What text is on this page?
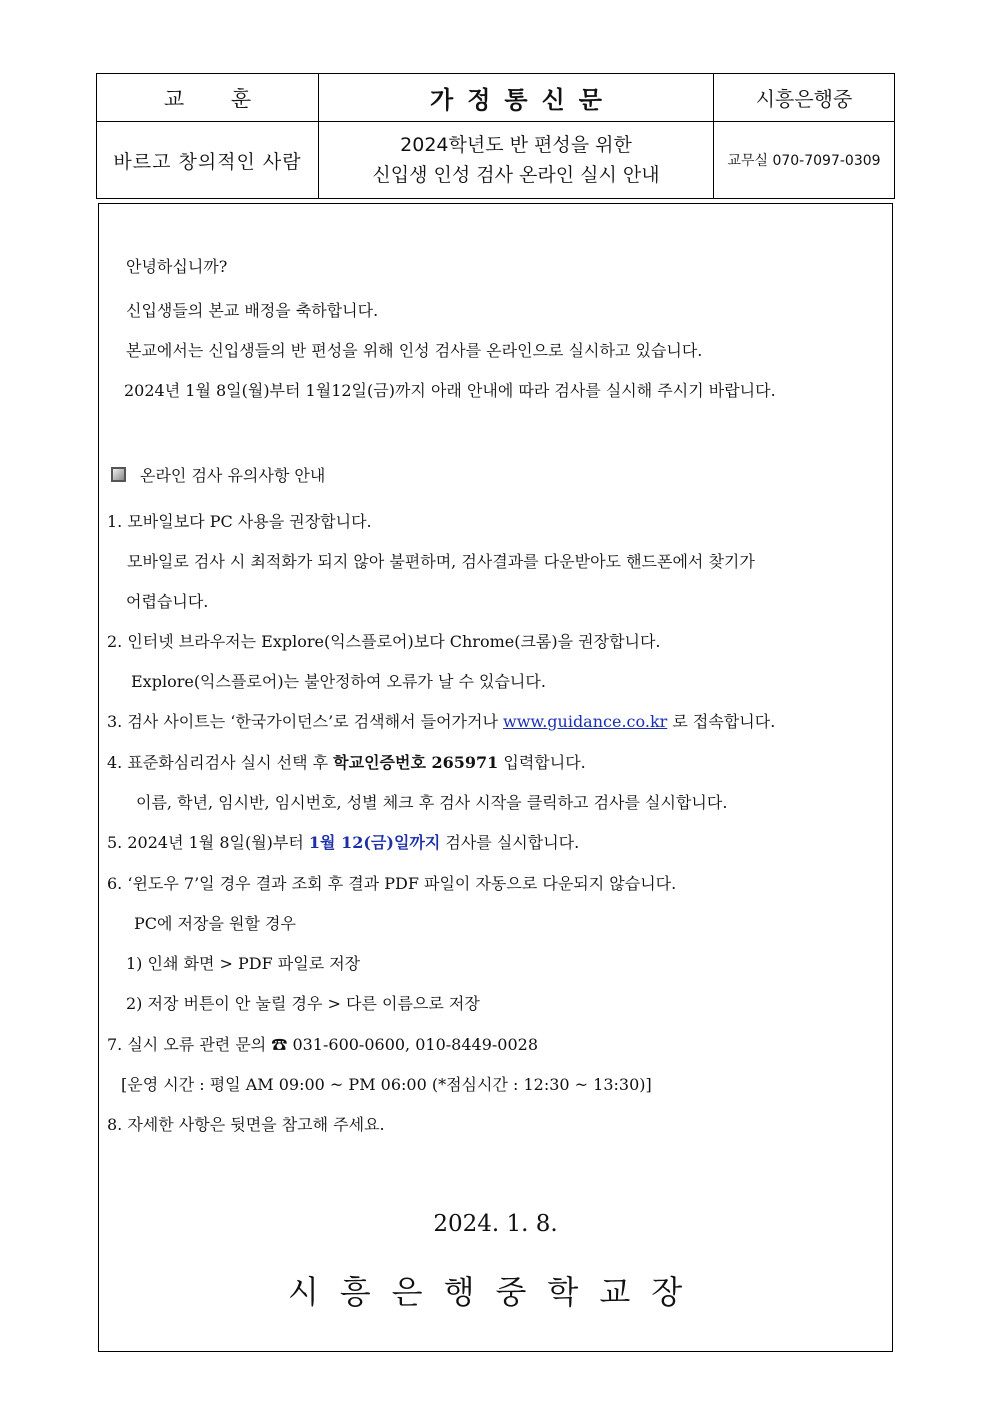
교 훈	가정통신문	시흥은행중
바르고 창의적인 사람
2024학년도 반 편성을 위한
신입생 인성 검사 온라인 실시 안내
교무실 070-7097-0309
안녕하십니까?
신입생들의 본교 배정을 축하합니다.
본교에서는 신입생들의 반 편성을 위해 인성 검사를 온라인으로 실시하고 있습니다.
2024년 1월 8일(월)부터 1월12일(금)까지 아래 안내에 따라 검사를 실시해 주시기 바랍니다.
온라인 검사 유의사항 안내
1. 모바일보다 PC 사용을 권장합니다.
모바일로 검사 시 최적화가 되지 않아 불편하며, 검사결과를 다운받아도 핸드폰에서 찾기가
어렵습니다.
2. 인터넷 브라우저는 Explore(익스플로어)보다 Chrome(크롬)을 권장합니다.
Explore(익스플로어)는 불안정하여 오류가 날 수 있습니다.
3. 검사 사이트는 ‘한국가이던스’로 검색해서 들어가거나 www.guidance.co.kr 로 접속합니다.
4. 표준화심리검사 실시 선택 후 학교인증번호 265971 입력합니다.
이름, 학년, 임시반, 임시번호, 성별 체크 후 검사 시작을 클릭하고 검사를 실시합니다.
5. 2024년 1월 8일(월)부터 1월 12(금)일까지 검사를 실시합니다.
6. ‘윈도우 7’일 경우 결과 조회 후 결과 PDF 파일이 자동으로 다운되지 않습니다.
PC에 저장을 원할 경우
1) 인쇄 화면 > PDF 파일로 저장
2) 저장 버튼이 안 눌릴 경우 > 다른 이름으로 저장
7. 실시 오류 관련 문의 ☎ 031-600-0600, 010-8449-0028
[운영 시간 : 평일 AM 09:00 ~ PM 06:00 (*점심시간 : 12:30 ~ 13:30)]
8. 자세한 사항은 뒷면을 참고해 주세요.
2024. 1. 8.
시흥은행중학교장
